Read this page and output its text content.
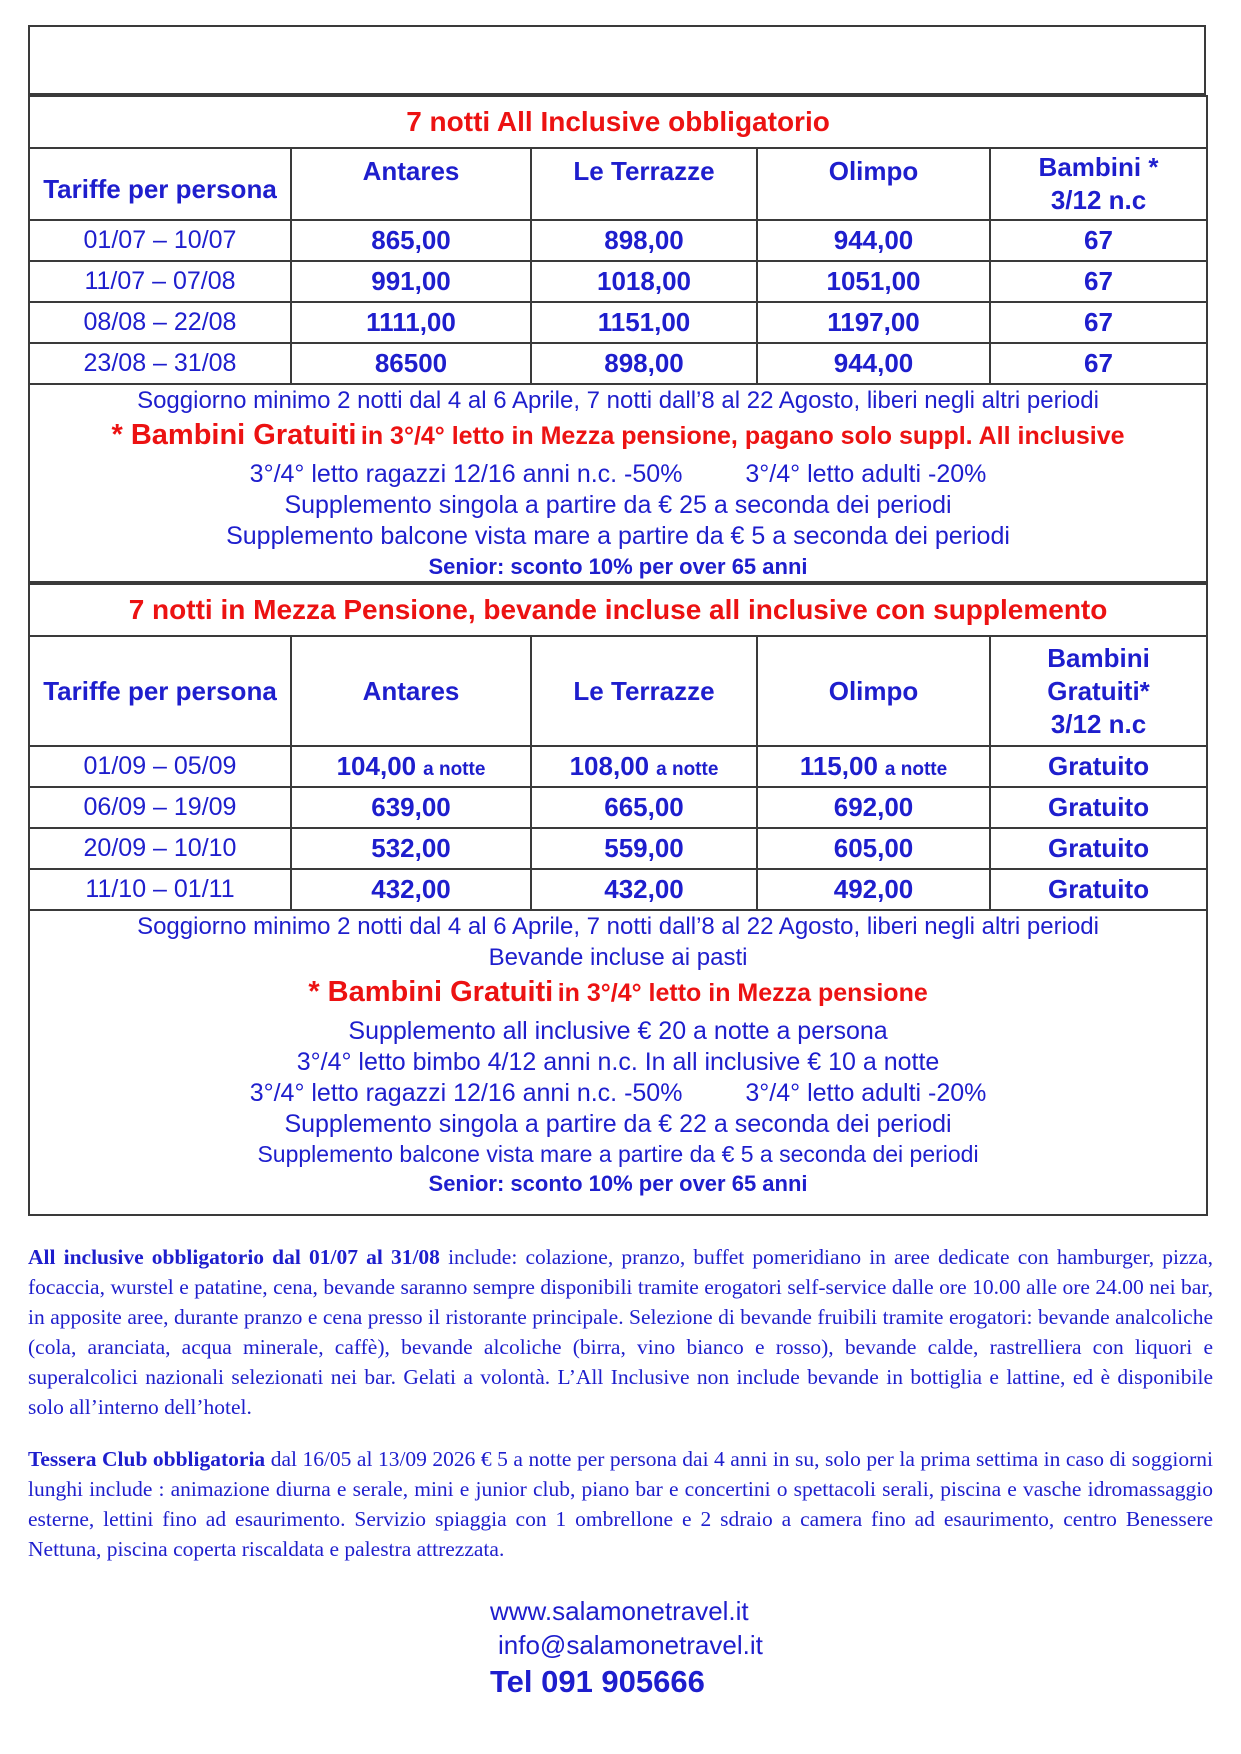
7 notti All Inclusive obbligatorio				
Tariffe per persona	Antares	Le Terrazze	Olimpo	Bambini *
3/12 n.c

01/07 – 10/07	865,00	898,00	944,00	67
11/07 – 07/08	991,00	1018,00	1051,00	67
08/08 – 22/08	1111,00	1151,00	1197,00	67
23/08 – 31/08	86500	898,00	944,00	67

Soggiorno minimo 2 notti dal 4 al 6 Aprile, 7 notti dall’8 al 22 Agosto, liberi negli altri periodi
* Bambini Gratuiti in 3°/4° letto in Mezza pensione, pagano solo suppl. All inclusive
3°/4° letto ragazzi 12/16 anni n.c. -50%	3°/4° letto adulti -20%
Supplemento singola a partire da € 25 a seconda dei periodi
Supplemento balcone vista mare a partire da € 5 a seconda dei periodi
Senior: sconto 10% per over 65 anni
7 notti in Mezza Pensione, bevande incluse all inclusive con supplemento				
Tariffe per persona	Antares	Le Terrazze	Olimpo	Bambini
Gratuiti*
3/12 n.c

01/09 – 05/09	104,00 a notte	108,00 a notte	115,00 a notte	Gratuito
06/09 – 19/09	639,00	665,00	692,00	Gratuito
20/09 – 10/10	532,00	559,00	605,00	Gratuito
11/10 – 01/11	432,00	432,00	492,00	Gratuito

Soggiorno minimo 2 notti dal 4 al 6 Aprile, 7 notti dall’8 al 22 Agosto, liberi negli altri periodi
Bevande incluse ai pasti
* Bambini Gratuiti in 3°/4° letto in Mezza pensione
Supplemento all inclusive € 20 a notte a persona
3°/4° letto bimbo 4/12 anni n.c. In all inclusive € 10 a notte
3°/4° letto ragazzi 12/16 anni n.c. -50%	3°/4° letto adulti -20%
Supplemento singola a partire da € 22 a seconda dei periodi
Supplemento balcone vista mare a partire da € 5 a seconda dei periodi
Senior: sconto 10% per over 65 anni

All inclusive obbligatorio dal 01/07 al 31/08 include: colazione, pranzo, buffet pomeridiano in aree dedicate con hamburger, pizza, focaccia, wurstel e patatine, cena, bevande saranno sempre disponibili tramite erogatori self-service dalle ore 10.00 alle ore 24.00 nei bar, in apposite aree, durante pranzo e cena presso il ristorante principale. Selezione di bevande fruibili tramite erogatori: bevande analcoliche (cola, aranciata, acqua minerale, caffè), bevande alcoliche (birra, vino bianco e rosso), bevande calde, rastrelliera con liquori e superalcolici nazionali selezionati nei bar. Gelati a volontà. L’All Inclusive non include bevande in bottiglia e lattine, ed è disponibile solo all’interno dell’hotel.

Tessera Club obbligatoria dal 16/05 al 13/09 2026 € 5 a notte per persona dai 4 anni in su, solo per la prima settima in caso di soggiorni lunghi include : animazione diurna e serale, mini e junior club, piano bar e concertini o spettacoli serali, piscina e vasche idromassaggio esterne, lettini fino ad esaurimento. Servizio spiaggia con 1 ombrellone e 2 sdraio a camera fino ad esaurimento, centro Benessere Nettuna, piscina coperta riscaldata e palestra attrezzata.

www.salamonetravel.it
info@salamonetravel.it
Tel 091 905666
